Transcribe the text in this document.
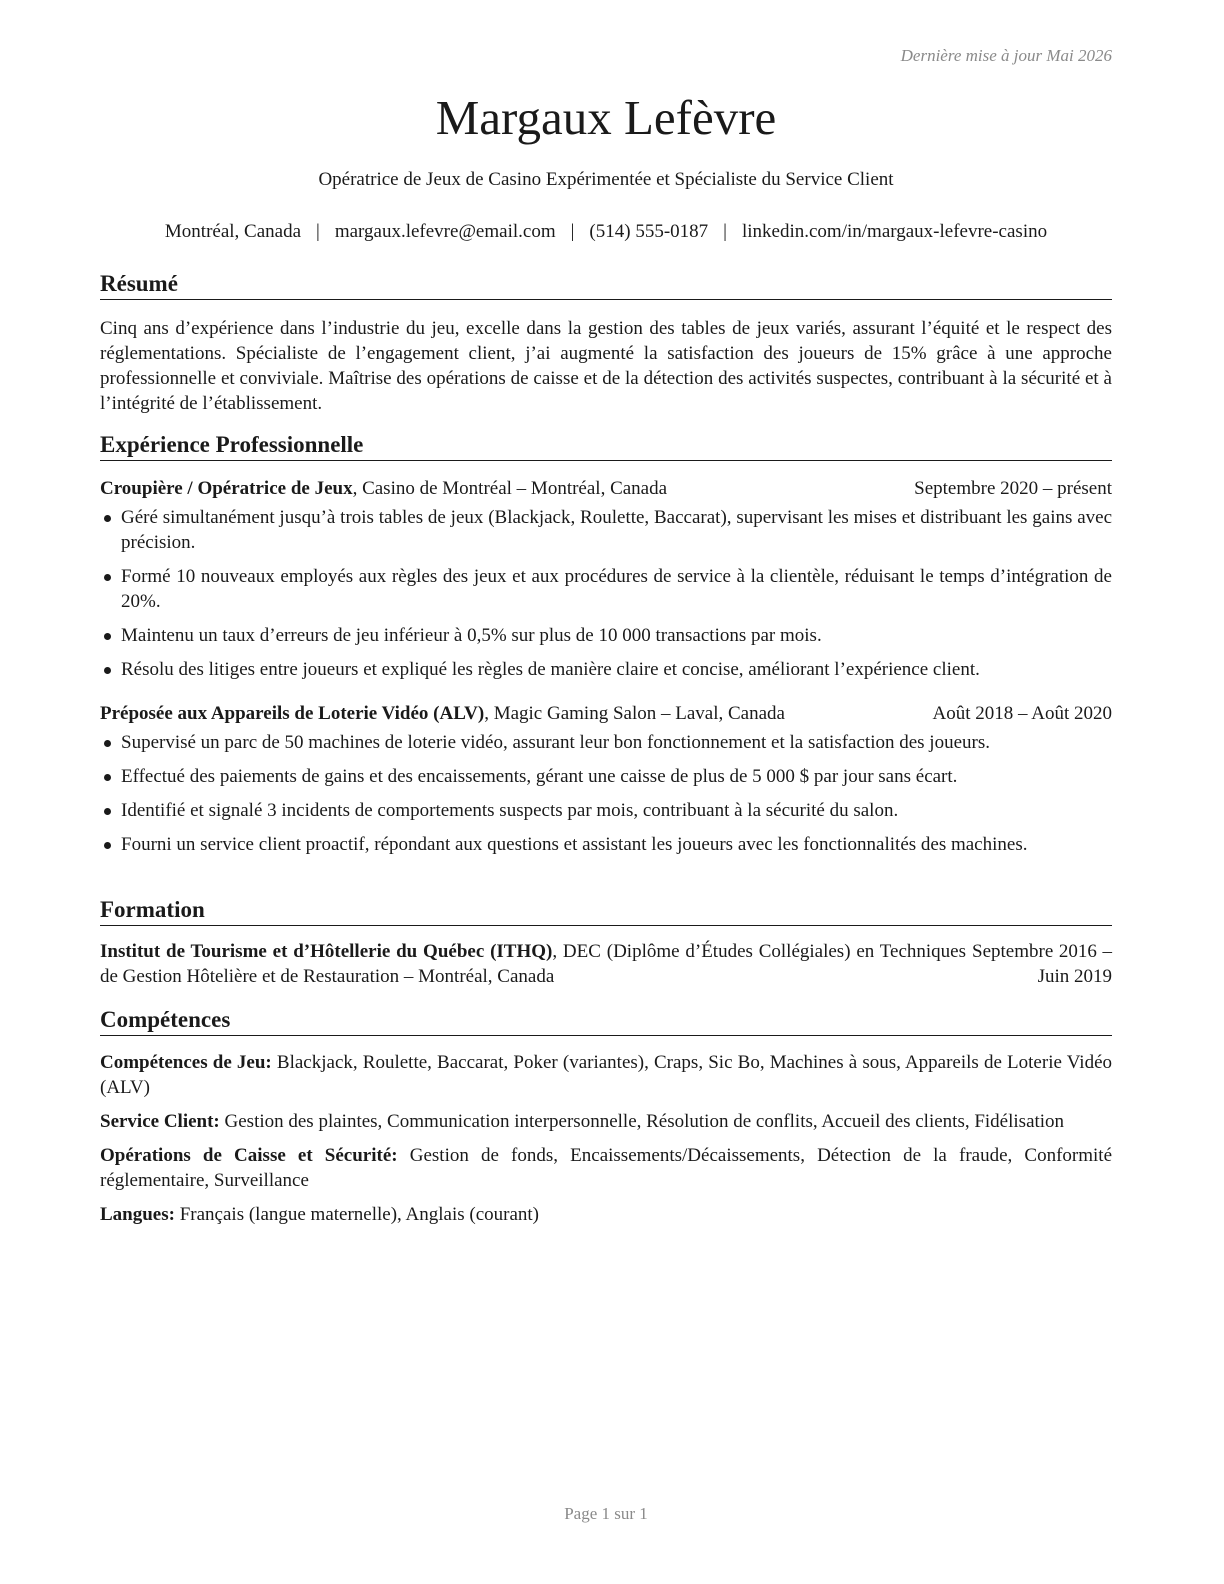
Dernière mise à jour Mai 2026
Margaux Lefèvre
Opératrice de Jeux de Casino Expérimentée et Spécialiste du Service Client
Montréal, Canada | margaux.lefevre@email.com | (514) 555-0187 | linkedin.com/in/margaux-lefevre-casino
Résumé

Cinq ans d’expérience dans l’industrie du jeu, excelle dans la gestion des tables de jeux variés, assurant l’équité et le respect des réglementations. Spécialiste de l’engagement client, j’ai augmenté la satisfaction des joueurs de 15% grâce à une approche professionnelle et conviviale. Maîtrise des opérations de caisse et de la détection des activités suspectes, contribuant à la sécurité et à l’intégrité de l’établissement.

Expérience Professionnelle
Croupière / Opératrice de Jeux, Casino de Montréal – Montréal, Canada	Septembre 2020 – présent
Géré simultanément jusqu’à trois tables de jeux (Blackjack, Roulette, Baccarat), supervisant les mises et distribuant les gains avec précision.
Formé 10 nouveaux employés aux règles des jeux et aux procédures de service à la clientèle, réduisant le temps d’intégration de 20%.
Maintenu un taux d’erreurs de jeu inférieur à 0,5% sur plus de 10 000 transactions par mois.
Résolu des litiges entre joueurs et expliqué les règles de manière claire et concise, améliorant l’expérience client.
Préposée aux Appareils de Loterie Vidéo (ALV), Magic Gaming Salon – Laval, Canada	Août 2018 – Août 2020
Supervisé un parc de 50 machines de loterie vidéo, assurant leur bon fonctionnement et la satisfaction des joueurs.
Effectué des paiements de gains et des encaissements, gérant une caisse de plus de 5 000 $ par jour sans écart.
Identifié et signalé 3 incidents de comportements suspects par mois, contribuant à la sécurité du salon.
Fourni un service client proactif, répondant aux questions et assistant les joueurs avec les fonctionnalités des machines.
Formation
Institut de Tourisme et d’Hôtellerie du Québec (ITHQ), DEC (Diplôme d’Études Collégiales) en Techniques de Gestion Hôtelière et de Restauration – Montréal, Canada
Septembre 2016 – Juin 2019
Compétences

Compétences de Jeu: Blackjack, Roulette, Baccarat, Poker (variantes), Craps, Sic Bo, Machines à sous, Appareils de Loterie Vidéo (ALV)

Service Client: Gestion des plaintes, Communication interpersonnelle, Résolution de conflits, Accueil des clients, Fidélisation

Opérations de Caisse et Sécurité: Gestion de fonds, Encaissements/Décaissements, Détection de la fraude, Conformité réglementaire, Surveillance

Langues: Français (langue maternelle), Anglais (courant)

Page 1 sur 1
